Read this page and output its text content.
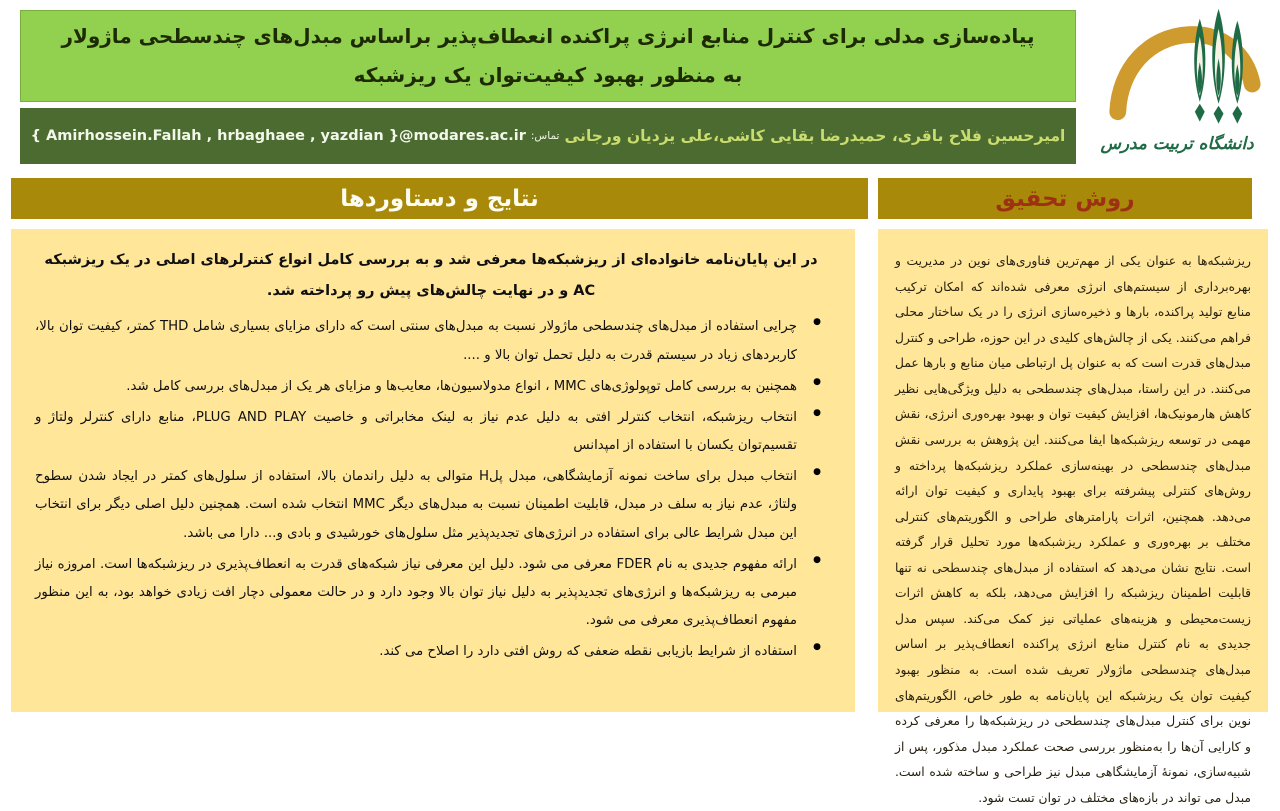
پیاده‌سازی مدلی برای کنترل منابع انرژی پراکنده انعطاف‌پذیر براساس مبدل‌های چندسطحی ماژولار به منظور بهبود کیفیت‌توان یک ریزشبکه
امیرحسین فلاح باقری، حمیدرضا بقایی کاشی،علی یزدیان ورجانی
تماس:
{ Amirhossein.Fallah , hrbaghaee , yazdian }@modares.ac.ir	دانشگاه تربیت مدرس
نتایج و دستاوردها

در این پایان‌نامه خانواده‌ای از ریزشبکه‌ها معرفی شد و به بررسی کامل انواع کنترلرهای اصلی در یک ریزشبکه AC و در نهایت چالش‌های پیش رو پرداخته شد.

● چرایی استفاده از مبدل‌های چندسطحی ماژولار نسبت به مبدل‌های سنتی است که دارای مزایای بسیاری شامل THD کمتر، کیفیت توان بالا، کاربردهای زیاد در سیستم قدرت به دلیل تحمل توان بالا و ....
● همچنین به بررسی کامل توپولوژی‌های MMC ، انواع مدولاسیون‌ها، معایب‌ها و مزایای هر یک از مبدل‌های بررسی کامل شد.
● انتخاب ریزشبکه، انتخاب کنترلر افتی به دلیل عدم نیاز به لینک مخابراتی و خاصیت PLUG AND PLAY، منابع دارای کنترلر ولتاژ و تقسیم‌توان یکسان با استفاده از امپدانس
● انتخاب مبدل برای ساخت نمونه آزمایشگاهی، مبدل پلH متوالی به دلیل راندمان بالا، استفاده از سلول‌های کمتر در ایجاد شدن سطوح ولتاژ، عدم نیاز به سلف در مبدل، قابلیت اطمینان نسبت به مبدل‌های دیگر MMC انتخاب شده است. همچنین دلیل اصلی دیگر برای انتخاب این مبدل شرایط عالی برای استفاده در انرژی‌های تجدیدپذیر مثل سلول‌های خورشیدی و بادی و... دارا می باشد.
● ارائه مفهوم جدیدی به نام FDER معرفی می شود. دلیل این معرفی نیاز شبکه‌های قدرت به انعطاف‌پذیری در ریزشبکه‌ها است. امروزه نیاز مبرمی به ریزشبکه‌ها و انرژی‌های تجدیدپذیر به دلیل نیاز توان بالا وجود دارد و در حالت معمولی دچار افت زیادی خواهد بود، به این منظور مفهوم انعطاف‌پذیری معرفی می شود.
● استفاده از شرایط بازیابی نقطه ضعفی که روش افتی دارد را اصلاح می کند.
روش تحقیق

ریزشبکه‌ها به عنوان یکی از مهم‌ترین فناوری‌های نوین در مدیریت و بهره‌برداری از سیستم‌های انرژی معرفی شده‌اند که امکان ترکیب منابع تولید پراکنده، بارها و ذخیره‌سازی انرژی را در یک ساختار محلی فراهم می‌کنند. یکی از چالش‌های کلیدی در این حوزه، طراحی و کنترل مبدل‌های قدرت است که به عنوان پل ارتباطی میان منابع و بارها عمل می‌کنند. در این راستا، مبدل‌های چندسطحی به دلیل ویژگی‌هایی نظیر کاهش هارمونیک‌ها، افزایش کیفیت توان و بهبود بهره‌وری انرژی، نقش مهمی در توسعه ریزشبکه‌ها ایفا می‌کنند. این پژوهش به بررسی نقش مبدل‌های چندسطحی در بهینه‌سازی عملکرد ریزشبکه‌ها پرداخته و روش‌های کنترلی پیشرفته برای بهبود پایداری و کیفیت توان ارائه می‌دهد. همچنین، اثرات پارامترهای طراحی و الگوریتم‌های کنترلی مختلف بر بهره‌وری و عملکرد ریزشبکه‌ها مورد تحلیل قرار گرفته است. نتایج نشان می‌دهد که استفاده از مبدل‌های چندسطحی نه تنها قابلیت اطمینان ریزشبکه را افزایش می‌دهد، بلکه به کاهش اثرات زیست‌محیطی و هزینه‌های عملیاتی نیز کمک می‌کند. سپس مدل جدیدی به نام کنترل منابع انرژی پراکنده انعطاف‌پذیر بر اساس مبدل‌های چندسطحی ماژولار تعریف شده است. به منظور بهبود کیفیت توان یک ریزشبکه این پایان‌نامه به طور خاص، الگوریتم‌های نوین برای کنترل مبدل‌های چندسطحی در ریزشبکه‌ها را معرفی کرده و کارایی آن‌ها را به‌منظور بررسی صحت عملکرد مبدل مذکور، پس از شبیه‌سازی، نمونهٔ آزمایشگاهی مبدل نیز طراحی و ساخته شده است. مبدل می تواند در بازه‌های مختلف در توان تست شود.
